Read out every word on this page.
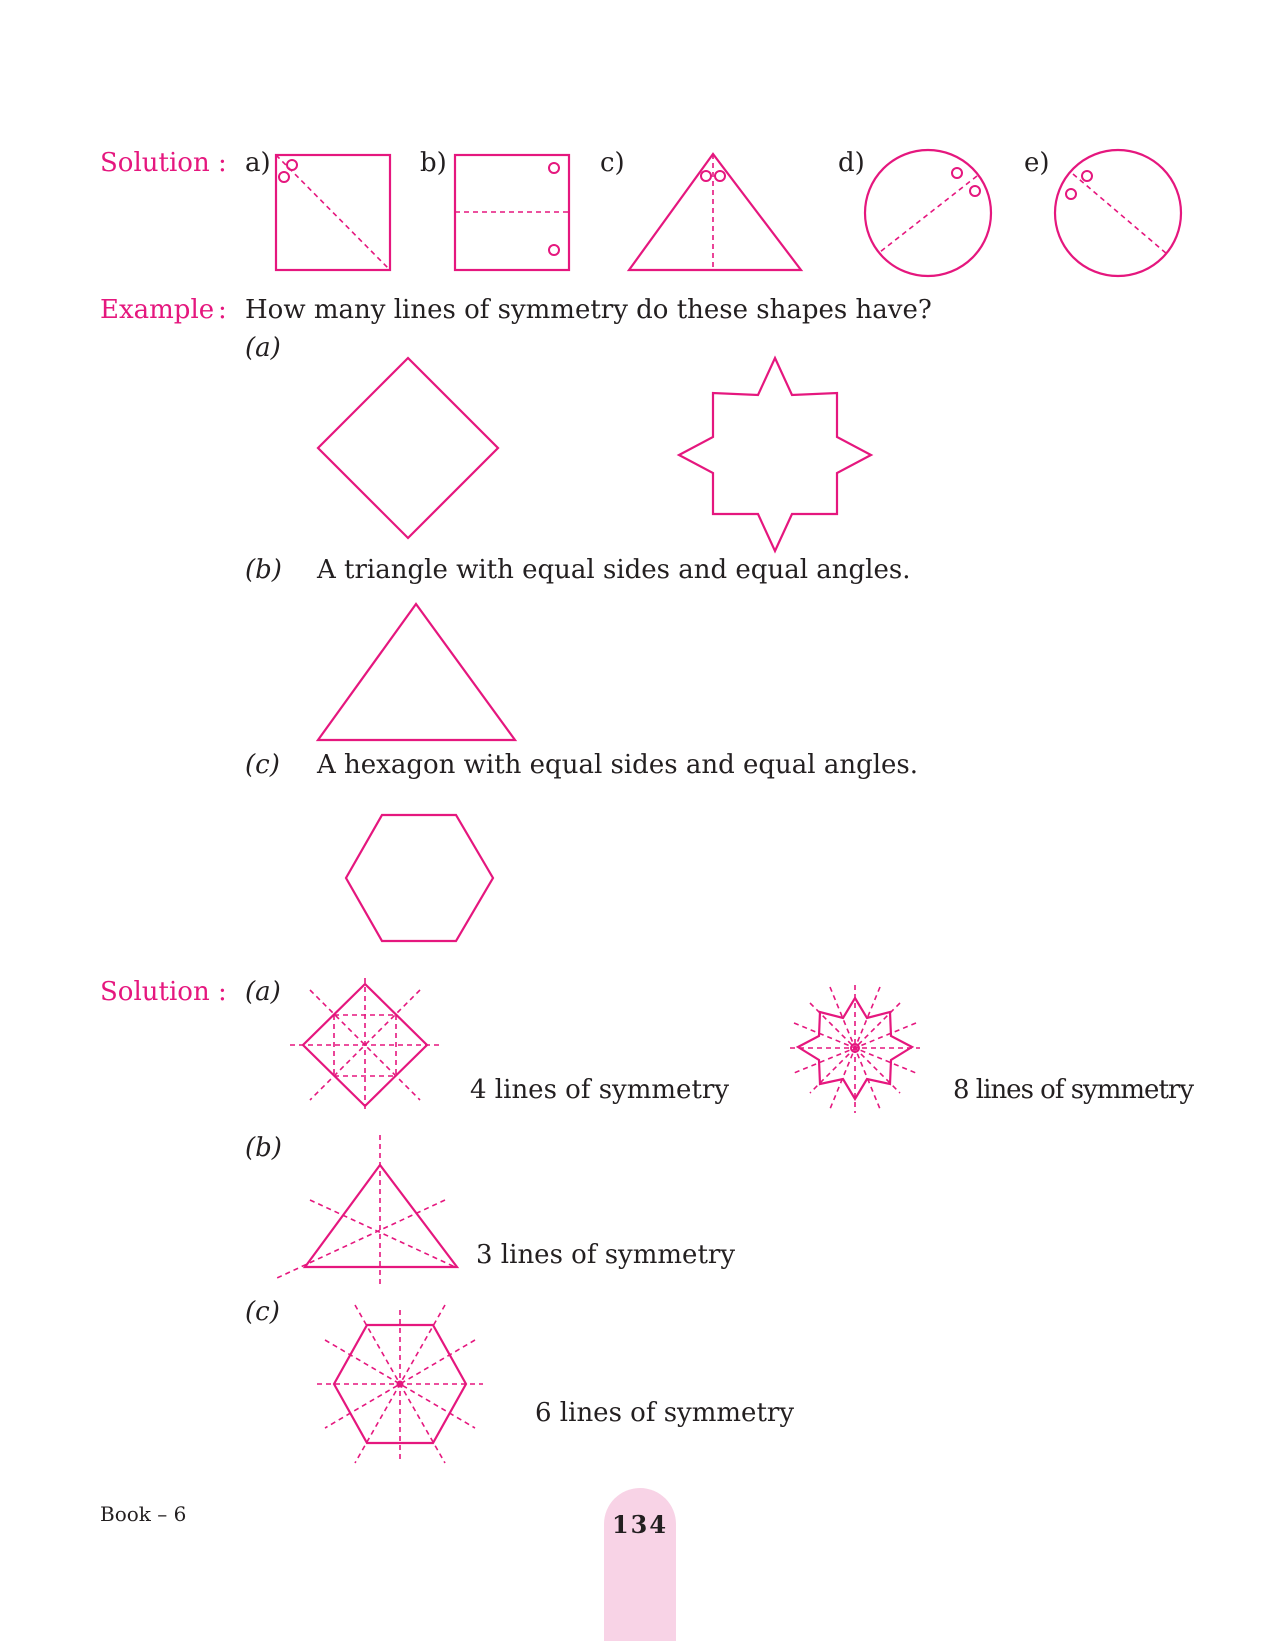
Solution : a)	b)	c)	d)	e)
Example : How many lines of symmetry do these shapes have?
(a)
(b) A triangle with equal sides and equal angles.
(c) A hexagon with equal sides and equal angles.
Solution : (a)
4 lines of symmetry	8 lines of symmetry
(b)
3 lines of symmetry
(c)
6 lines of symmetry
Book – 6	134
